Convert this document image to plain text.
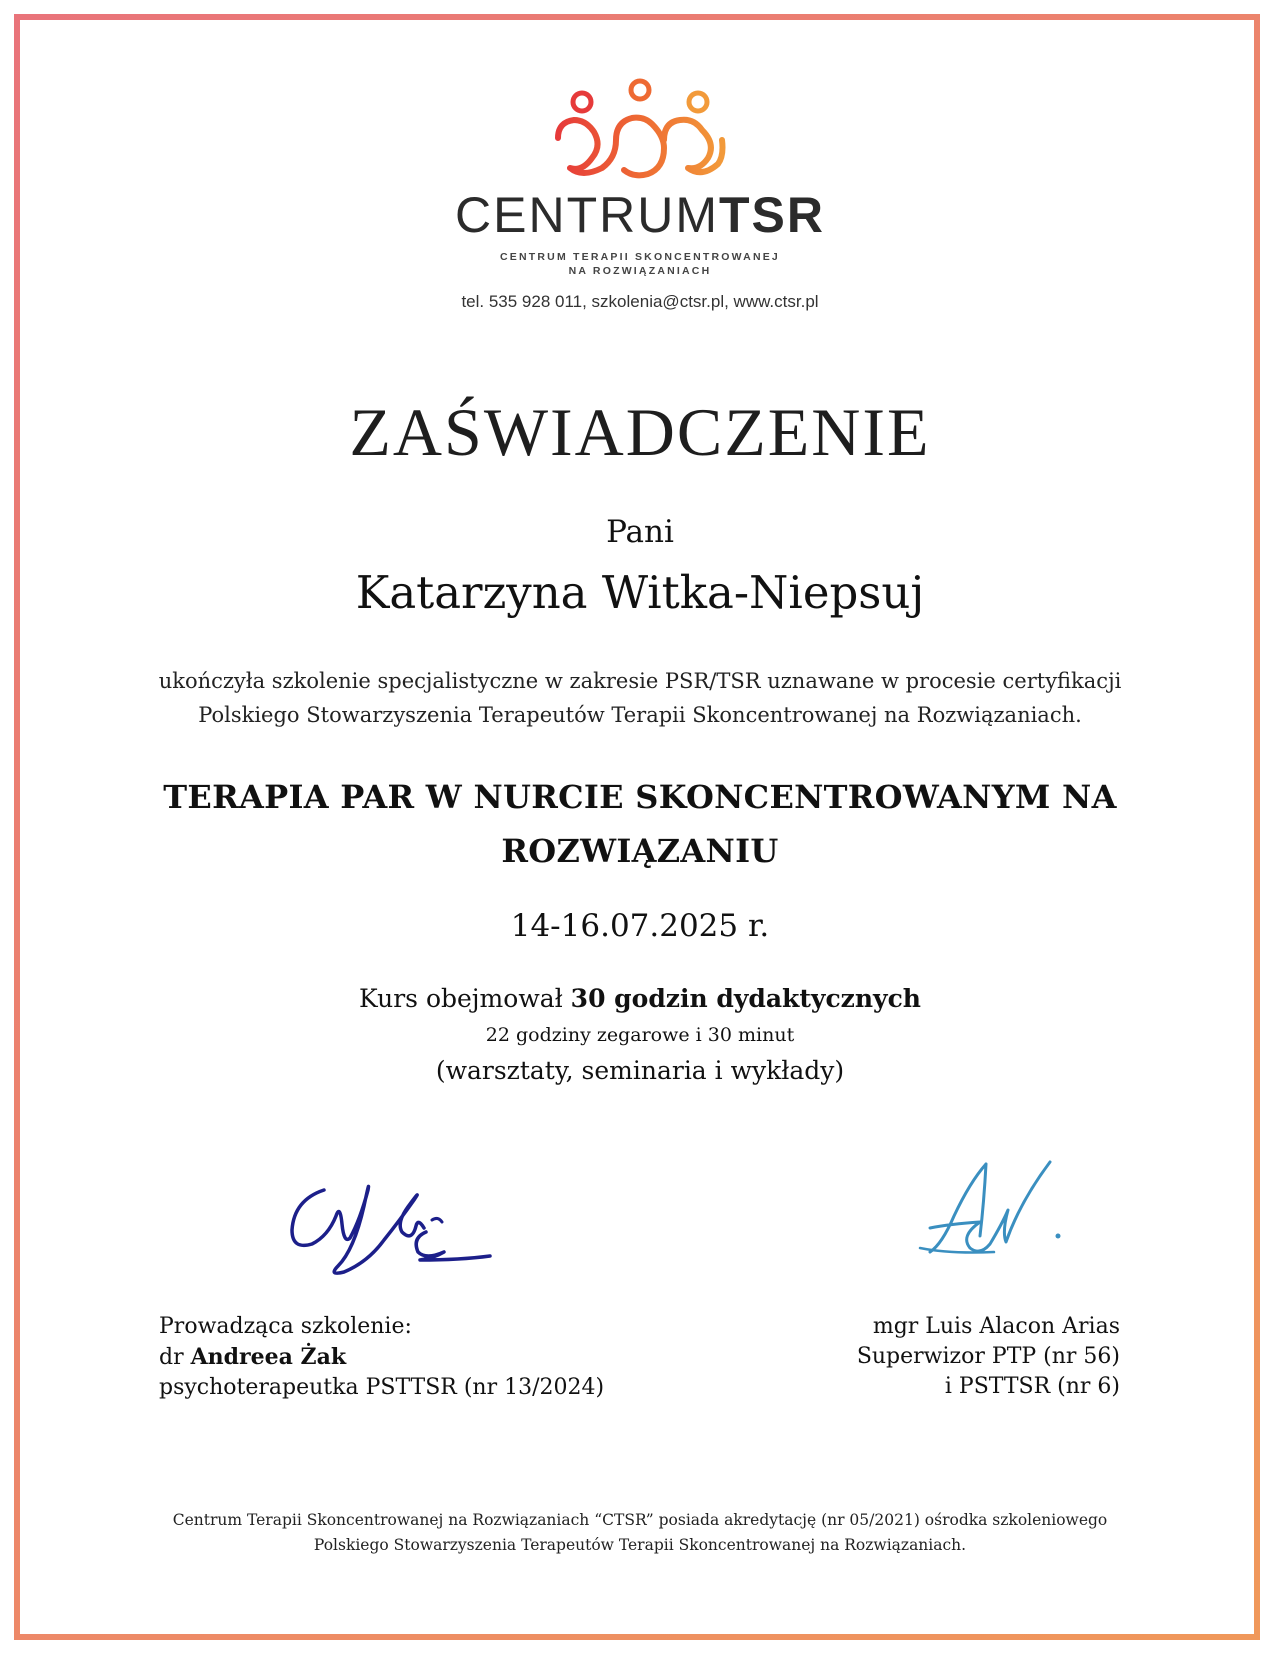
CENTRUMTSR
CENTRUM TERAPII SKONCENTROWANEJ
NA ROZWIĄZANIACH
tel. 535 928 011, szkolenia@ctsr.pl, www.ctsr.pl
ZAŚWIADCZENIE
Pani
Katarzyna Witka-Niepsuj
ukończyła szkolenie specjalistyczne w zakresie PSR/TSR uznawane w procesie certyfikacji
Polskiego Stowarzyszenia Terapeutów Terapii Skoncentrowanej na Rozwiązaniach.
TERAPIA PAR W NURCIE SKONCENTROWANYM NA
ROZWIĄZANIU
14-16.07.2025 r.
Kurs obejmował 30 godzin dydaktycznych
22 godziny zegarowe i 30 minut
(warsztaty, seminaria i wykłady)
Prowadząca szkolenie:
dr Andreea Żak
psychoterapeutka PSTTSR (nr 13/2024)
mgr Luis Alacon Arias
Superwizor PTP (nr 56)
i PSTTSR (nr 6)
Centrum Terapii Skoncentrowanej na Rozwiązaniach “CTSR” posiada akredytację (nr 05/2021) ośrodka szkoleniowego
Polskiego Stowarzyszenia Terapeutów Terapii Skoncentrowanej na Rozwiązaniach.
